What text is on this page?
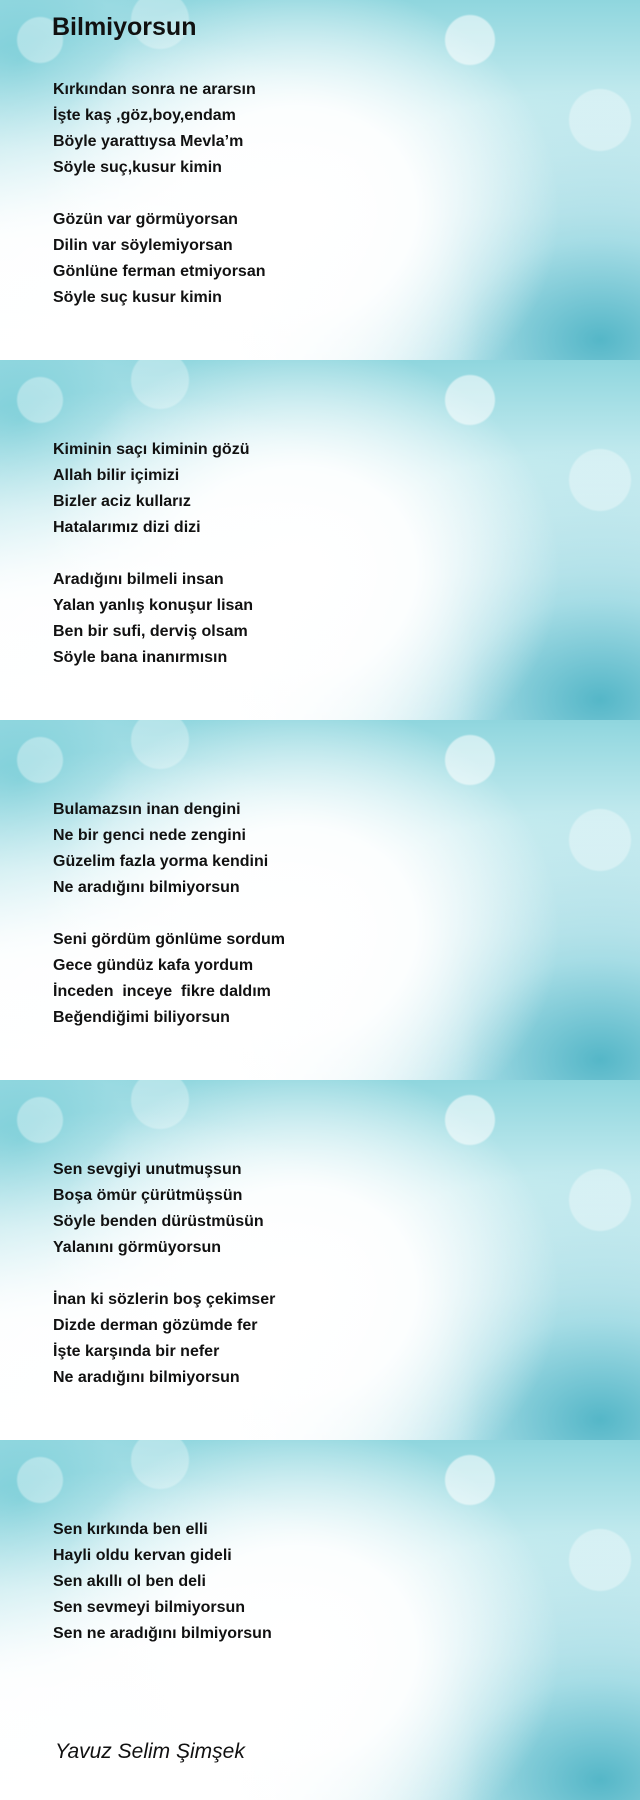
Bilmiyorsun
Kırkından sonra ne ararsın
İşte kaş ,göz,boy,endam
Böyle yarattıysa Mevla’m
Söyle suç,kusur kimin
Gözün var görmüyorsan
Dilin var söylemiyorsan
Gönlüne ferman etmiyorsan
Söyle suç kusur kimin
Kiminin saçı kiminin gözü
Allah bilir içimizi
Bizler aciz kullarız
Hatalarımız dizi dizi
Aradığını bilmeli insan
Yalan yanlış konuşur lisan
Ben bir sufi, derviş olsam
Söyle bana inanırmısın
Bulamazsın inan dengini
Ne bir genci nede zengini
Güzelim fazla yorma kendini
Ne aradığını bilmiyorsun
Seni gördüm gönlüme sordum
Gece gündüz kafa yordum
İnceden  inceye  fikre daldım
Beğendiğimi biliyorsun
Sen sevgiyi unutmuşsun
Boşa ömür çürütmüşsün
Söyle benden dürüstmüsün
Yalanını görmüyorsun
İnan ki sözlerin boş çekimser
Dizde derman gözümde fer
İşte karşında bir nefer
Ne aradığını bilmiyorsun
Sen kırkında ben elli
Hayli oldu kervan gideli
Sen akıllı ol ben deli
Sen sevmeyi bilmiyorsun
Sen ne aradığını bilmiyorsun

Yavuz Selim Şimşek
